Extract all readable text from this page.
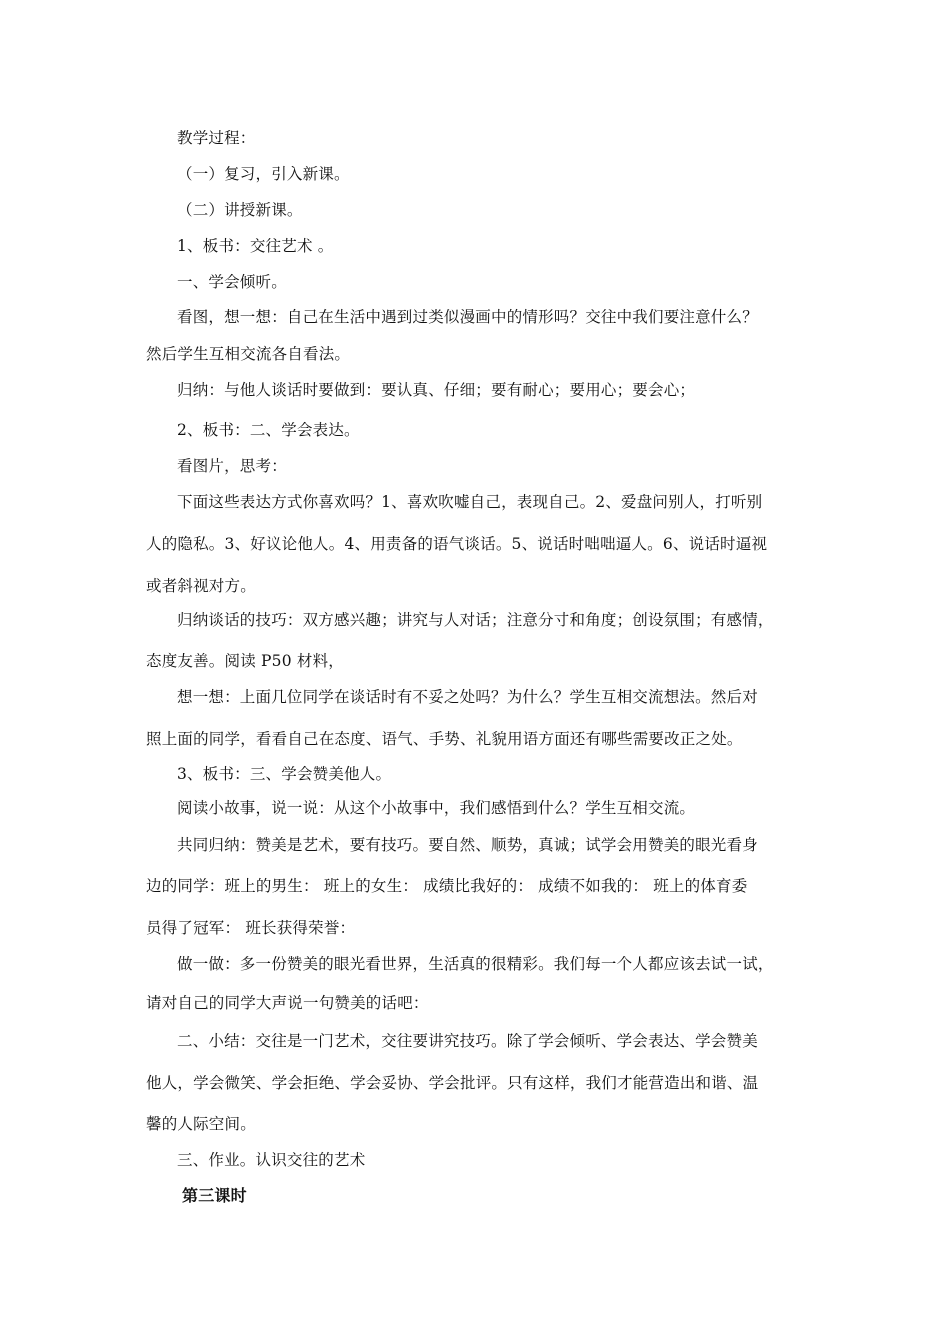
教学过程：
（一）复习，引入新课。
（二）讲授新课。
1、板书：交往艺术 。
一、学会倾听。
看图，想一想：自己在生活中遇到过类似漫画中的情形吗？交往中我们要注意什么？
然后学生互相交流各自看法。
归纳：与他人谈话时要做到：要认真、仔细；要有耐心；要用心；要会心；
2、板书：二、学会表达。
看图片，思考：
下面这些表达方式你喜欢吗？1、喜欢吹嘘自己，表现自己。2、爱盘问别人，打听别
人的隐私。3、好议论他人。4、用责备的语气谈话。5、说话时咄咄逼人。6、说话时逼视
或者斜视对方。
归纳谈话的技巧：双方感兴趣；讲究与人对话；注意分寸和角度；创设氛围；有感情，
态度友善。阅读 P50 材料，
想一想：上面几位同学在谈话时有不妥之处吗？为什么？学生互相交流想法。然后对
照上面的同学，看看自己在态度、语气、手势、礼貌用语方面还有哪些需要改正之处。
3、板书：三、学会赞美他人。
阅读小故事，说一说：从这个小故事中，我们感悟到什么？学生互相交流。
共同归纳：赞美是艺术，要有技巧。要自然、顺势，真诚；试学会用赞美的眼光看身
边的同学：班上的男生： 班上的女生： 成绩比我好的： 成绩不如我的： 班上的体育委
员得了冠军： 班长获得荣誉：
做一做：多一份赞美的眼光看世界，生活真的很精彩。我们每一个人都应该去试一试，
请对自己的同学大声说一句赞美的话吧：
二、小结：交往是一门艺术，交往要讲究技巧。除了学会倾听、学会表达、学会赞美
他人，学会微笑、学会拒绝、学会妥协、学会批评。只有这样，我们才能营造出和谐、温
馨的人际空间。
三、作业。认识交往的艺术
第三课时
